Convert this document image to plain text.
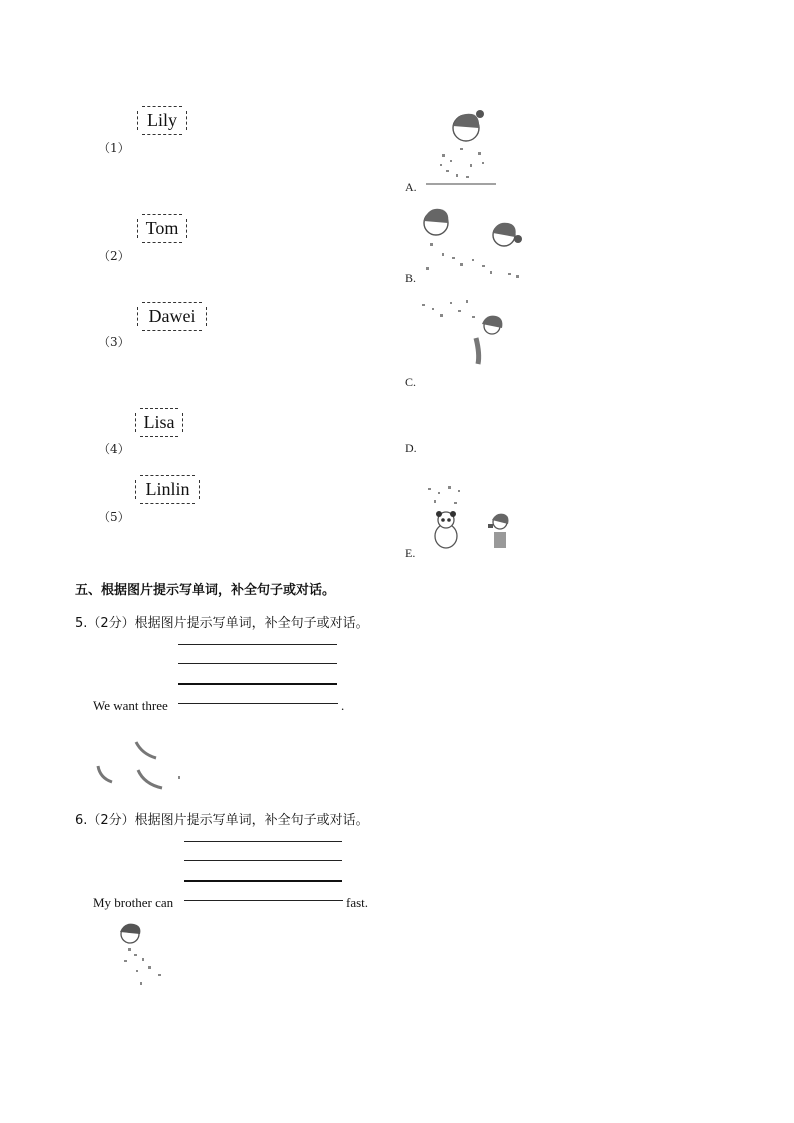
（1）
Lily
（2）
Tom
（3）
Dawei
（4）
Lisa
（5）
Linlin
A.
B.
C.
D.
E.
五、根据图片提示写单词，补全句子或对话。
5.（2分）根据图片提示写单词，补全句子或对话。
We want three	.
6.（2分）根据图片提示写单词，补全句子或对话。
My brother can	fast.
